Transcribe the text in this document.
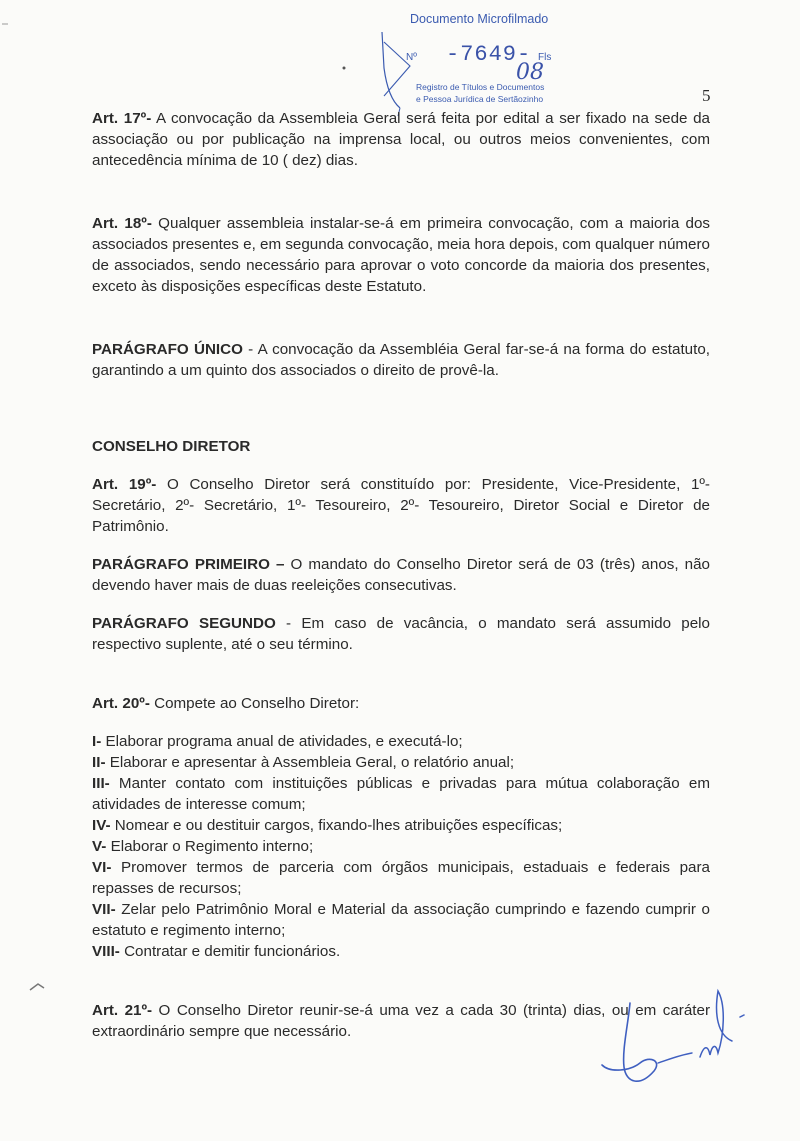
Documento Microfilmado
Nº -7649- Fls
08
Registro de Títulos e Documentos
e Pessoa Jurídica de Sertãozinho	5

Art. 17º- A convocação da Assembleia Geral será feita por edital a ser fixado na sede da associação ou por publicação na imprensa local, ou outros meios convenientes, com antecedência mínima de 10 ( dez) dias.

Art. 18º- Qualquer assembleia instalar-se-á em primeira convocação, com a maioria dos associados presentes e, em segunda convocação, meia hora depois, com qualquer número de associados, sendo necessário para aprovar o voto concorde da maioria dos presentes, exceto às disposições específicas deste Estatuto.

PARÁGRAFO ÚNICO - A convocação da Assembléia Geral far-se-á na forma do estatuto, garantindo a um quinto dos associados o direito de provê-la.

CONSELHO DIRETOR

Art. 19º- O Conselho Diretor será constituído por: Presidente, Vice-Presidente, 1º-Secretário, 2º- Secretário, 1º- Tesoureiro, 2º- Tesoureiro, Diretor Social e Diretor de Patrimônio.

PARÁGRAFO PRIMEIRO – O mandato do Conselho Diretor será de 03 (três) anos, não devendo haver mais de duas reeleições consecutivas.

PARÁGRAFO SEGUNDO - Em caso de vacância, o mandato será assumido pelo respectivo suplente, até o seu término.

Art. 20º- Compete ao Conselho Diretor:

I- Elaborar programa anual de atividades, e executá-lo;

II- Elaborar e apresentar à Assembleia Geral, o relatório anual;

III- Manter contato com instituições públicas e privadas para mútua colaboração em atividades de interesse comum;

IV- Nomear e ou destituir cargos, fixando-lhes atribuições específicas;

V- Elaborar o Regimento interno;

VI- Promover termos de parceria com órgãos municipais, estaduais e federais para repasses de recursos;

VII- Zelar pelo Patrimônio Moral e Material da associação cumprindo e fazendo cumprir o estatuto e regimento interno;

VIII- Contratar e demitir funcionários.

Art. 21º- O Conselho Diretor reunir-se-á uma vez a cada 30 (trinta) dias, ou em caráter extraordinário sempre que necessário.
